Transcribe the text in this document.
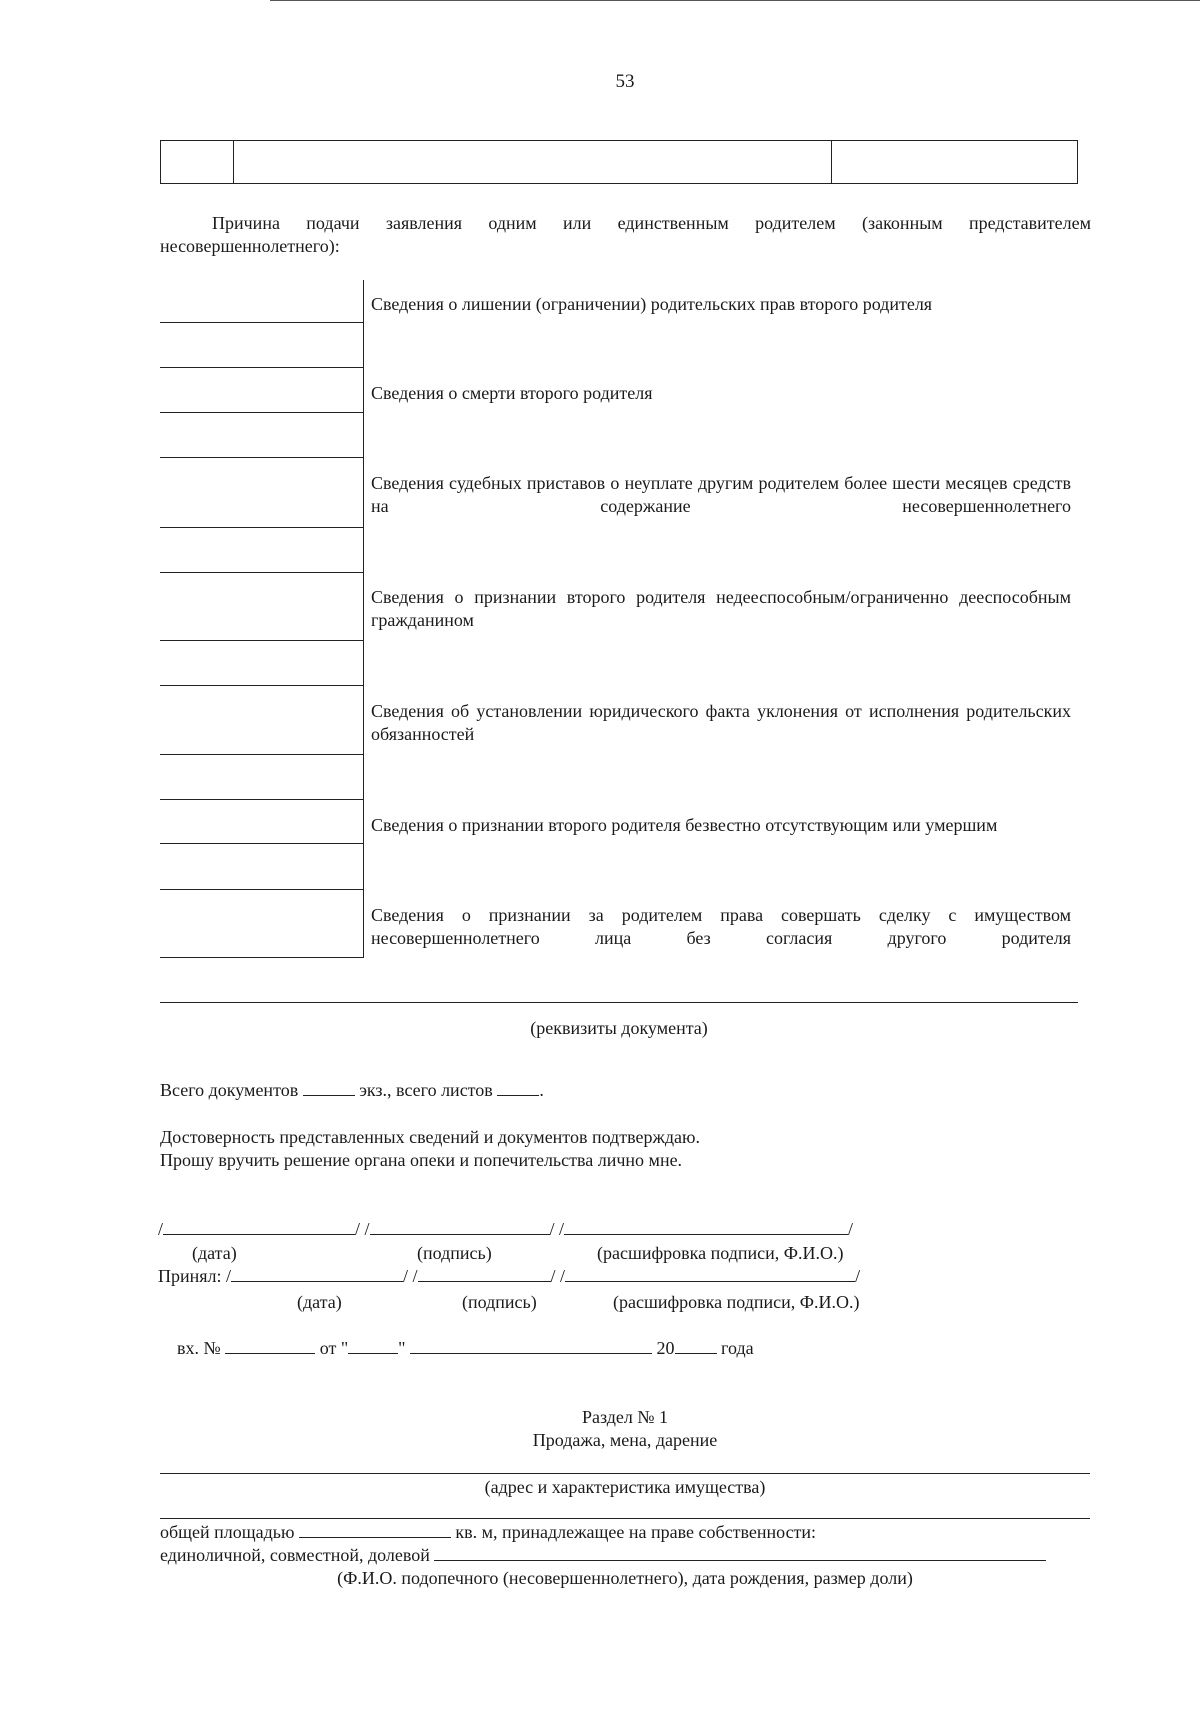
53
Причина подачи заявления одним или единственным родителем (законным представителем несовершеннолетнего):
Сведения о лишении (ограничении) родительских прав второго родителя
Сведения о смерти второго родителя
Сведения судебных приставов о неуплате другим родителем более шести месяцев средств на содержание несовершеннолетнего
Сведения о признании второго родителя недееспособным/ограниченно дееспособным гражданином
Сведения об установлении юридического факта уклонения от исполнения родительских обязанностей
Сведения о признании второго родителя безвестно отсутствующим или умершим
Сведения о признании за родителем права совершать сделку с имуществом несовершеннолетнего лица без согласия другого родителя
(реквизиты документа)
Всего документов	экз., всего листов	.
Достоверность представленных сведений и документов подтверждаю.
Прошу вручить решение органа опеки и попечительства лично мне.
/	/ /	/ /	/
(дата)	(подпись)	(расшифровка подписи, Ф.И.О.)
Принял: /	/ /	/ /	/
(дата)	(подпись)	(расшифровка подписи, Ф.И.О.)
вх. №	от "	"	20	года
Раздел № 1
Продажа, мена, дарение
(адрес и характеристика имущества)
общей площадью	кв. м, принадлежащее на праве собственности:
единоличной, совместной, долевой
(Ф.И.О. подопечного (несовершеннолетнего), дата рождения, размер доли)
